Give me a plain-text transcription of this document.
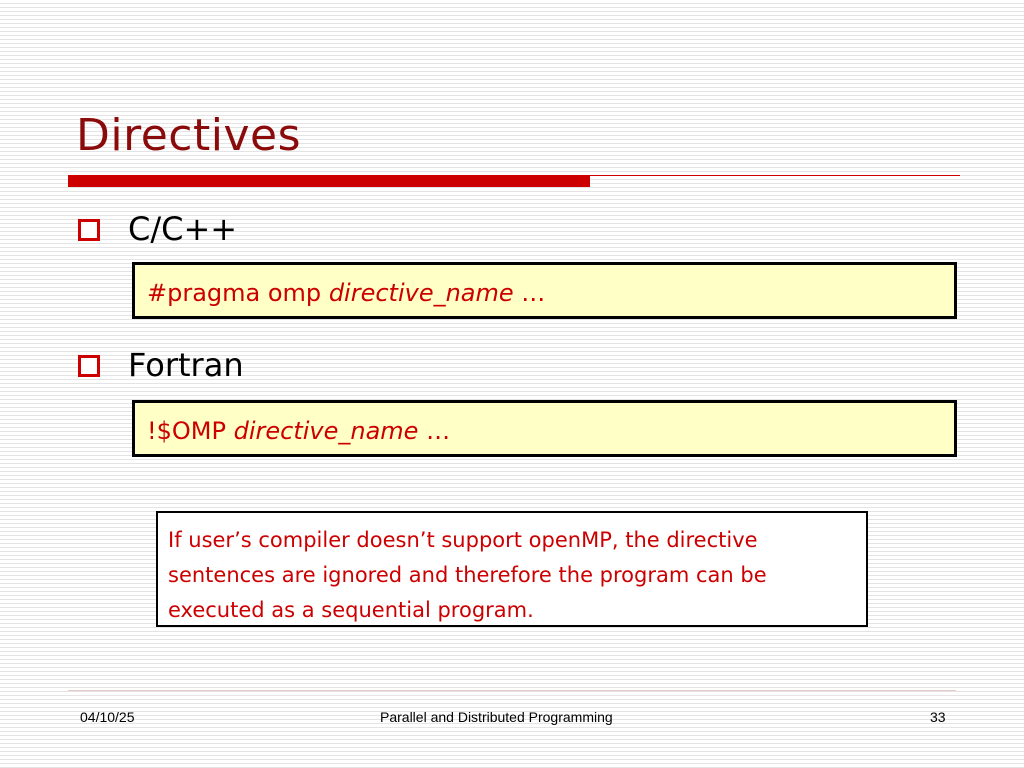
Directives
C/C++
#pragma omp directive_name …
Fortran
!$OMP directive_name …
If user’s compiler doesn’t support openMP, the directive sentences are ignored and therefore the program can be executed as a sequential program.
04/10/25	Parallel and Distributed Programming	33
